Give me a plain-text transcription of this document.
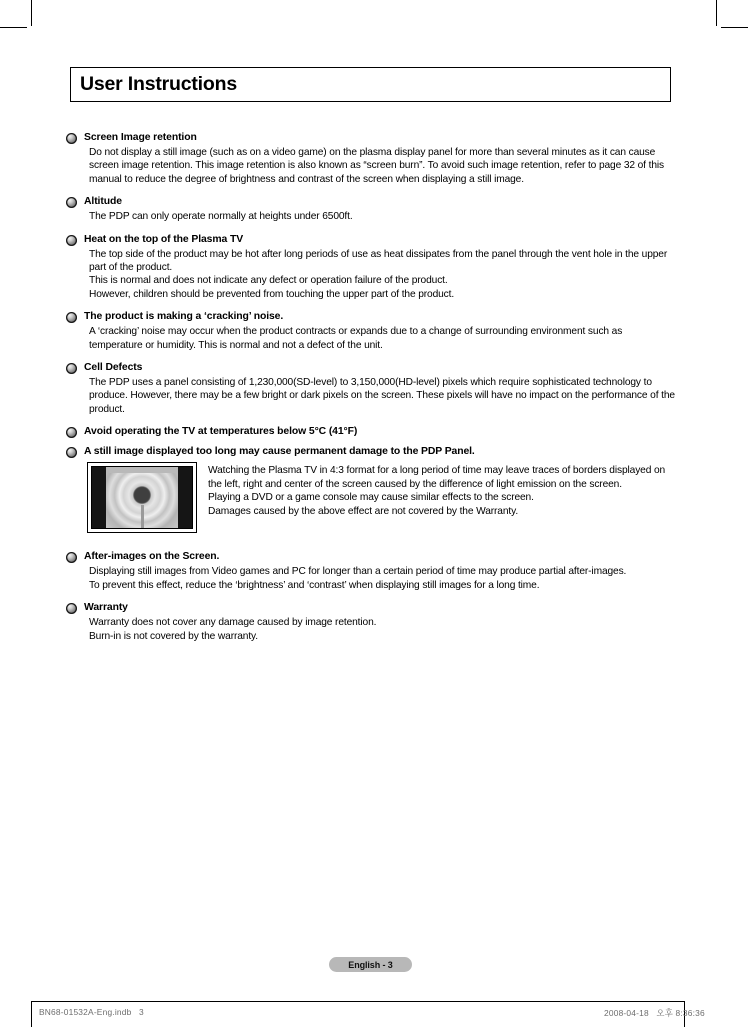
User Instructions
Screen Image retention

Do not display a still image (such as on a video game) on the plasma display panel for more than several minutes as it can cause screen image retention. This image retention is also known as “screen burn”. To avoid such image retention, refer to page 32 of this manual to reduce the degree of brightness and contrast of the screen when displaying a still image.

Altitude

The PDP can only operate normally at heights under 6500ft.

Heat on the top of the Plasma TV

The top side of the product may be hot after long periods of use as heat dissipates from the panel through the vent hole in the upper part of the product.

This is normal and does not indicate any defect or operation failure of the product.

However, children should be prevented from touching the upper part of the product.

The product is making a ‘cracking’ noise.

A ‘cracking’ noise may occur when the product contracts or expands due to a change of surrounding environment such as temperature or humidity. This is normal and not a defect of the unit.

Cell Defects

The PDP uses a panel consisting of 1,230,000(SD-level) to 3,150,000(HD-level) pixels which require sophisticated technology to produce. However, there may be a few bright or dark pixels on the screen. These pixels will have no impact on the performance of the product.

Avoid operating the TV at temperatures below 5°C (41°F)
A still image displayed too long may cause permanent damage to the PDP Panel.

Watching the Plasma TV in 4:3 format for a long period of time may leave traces of borders displayed on the left, right and center of the screen caused by the difference of light emission on the screen.

Playing a DVD or a game console may cause similar effects to the screen.

Damages caused by the above effect are not covered by the Warranty.

After-images on the Screen.

Displaying still images from Video games and PC for longer than a certain period of time may produce partial after-images.

To prevent this effect, reduce the ‘brightness’ and ‘contrast’ when displaying still images for a long time.

Warranty

Warranty does not cover any damage caused by image retention.

Burn-in is not covered by the warranty.

English - 3
BN68-01532A-Eng.indb   3	2008-04-18   오후 8:36:36
